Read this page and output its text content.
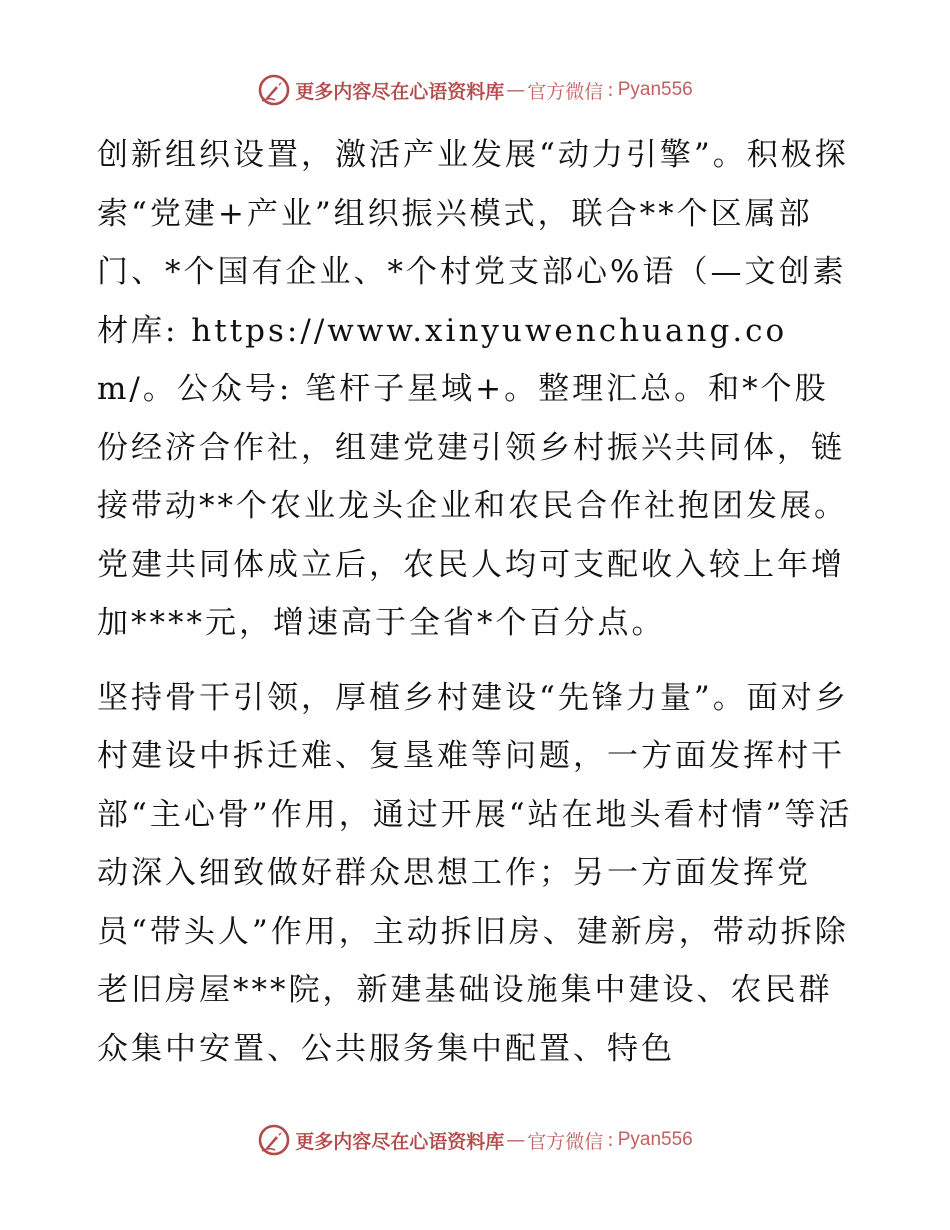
更多内容尽在心语资料库 — 官方微信 : Pyan556

创新组织设置，激活产业发展“动力引擎”。积极探索“党建+产业”组织振兴模式，联合**个区属部门、*个国有企业、*个村党支部心%语（—文创素材库: https://www.xinyuwenchuang.com/。公众号: 笔杆子星域+。整理汇总。和*个股份经济合作社，组建党建引领乡村振兴共同体，链接带动**个农业龙头企业和农民合作社抱团发展。党建共同体成立后，农民人均可支配收入较上年增加****元，增速高于全省*个百分点。

坚持骨干引领，厚植乡村建设“先锋力量”。面对乡村建设中拆迁难、复垦难等问题，一方面发挥村干部“主心骨”作用，通过开展“站在地头看村情”等活动深入细致做好群众思想工作；另一方面发挥党员“带头人”作用，主动拆旧房、建新房，带动拆除老旧房屋***院，新建基础设施集中建设、农民群众集中安置、公共服务集中配置、特色

更多内容尽在心语资料库 — 官方微信 : Pyan556
